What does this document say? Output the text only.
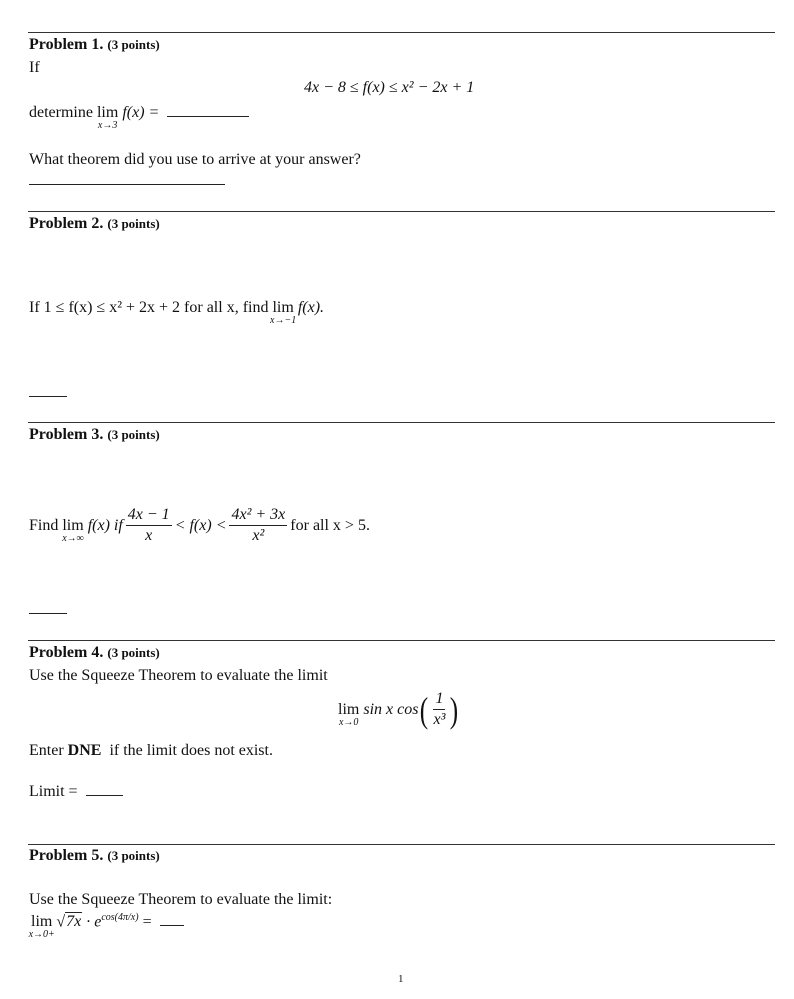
Problem 1. (3 points)
If
4x − 8 ≤ f(x) ≤ x² − 2x + 1
determine lim
x→3
f(x) =
What theorem did you use to arrive at your answer?
Problem 2. (3 points)
If 1 ≤ f(x) ≤ x² + 2x + 2 for all x, find lim
x→−1
f(x).
Problem 3. (3 points)
Find
lim
x→∞

f(x) if $\frac{4x - 1}{x} < f(x) < \frac{\text{4x² + 3x}}{\text{x²}}$ for all x > 5.
Problem 4. (3 points)
Use the Squeeze Theorem to evaluate the limit
lim
x→0

sin x cos ( $\frac{1}{\text{x³}}$ )
Enter DNE if the limit does not exist.
Limit =
Problem 5. (3 points)
Use the Squeeze Theorem to evaluate the limit:
lim
x→0+
$√7x \cdot e^{cos(4\pi/x)}$ =
1
